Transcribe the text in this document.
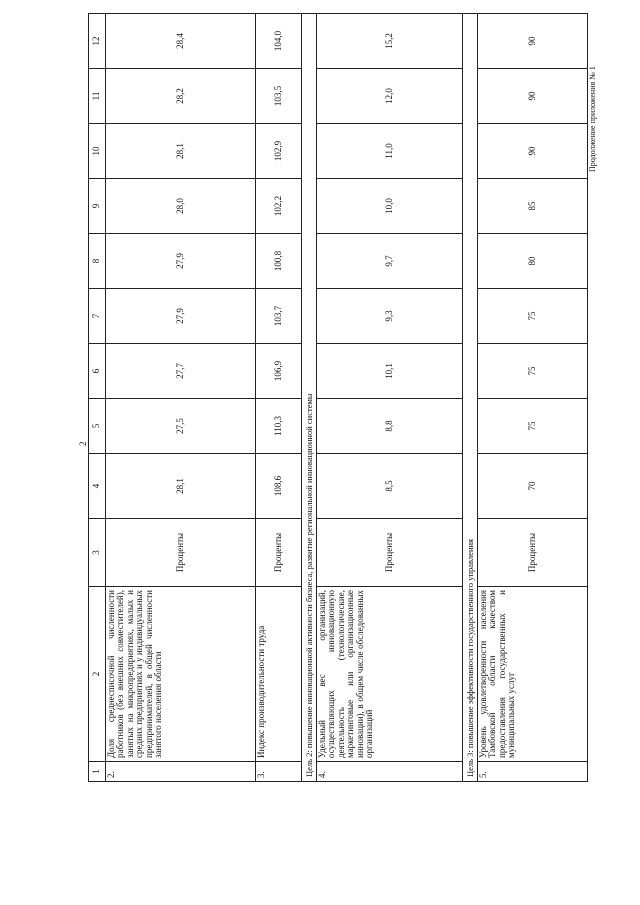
2
Продолжение приложения № 1
1	2	3	4	5	6	7	8	9	10	11	12
2.	Доля среднесписочной численности работников (без внешних совместителей), занятых на микропредприятиях, малых и средних предприятиях и у индивидуальных предпринимателей, в общей численности занятого населения области	Проценты	28,1	27,5	27,7	27,9	27,9	28,0	28,1	28,2	28,4
3.	Индекс производительности труда	Проценты	108,6	110,3	106,9	103,7	100,8	102,2	102,9	103,5	104,0
Цель 2: повышение инновационной активности бизнеса, развитие региональной инновационной системы											
4.	Удельный вес организаций, осуществляющих инновационную деятельность (технологические, маркетинговые или организационные инновации), в общем числе обследованных организаций	Проценты	8,5	8,8	10,1	9,3	9,7	10,0	11,0	12,0	15,2
Цель 3: повышение эффективности государственного управления											
5.	Уровень удовлетворенности населения Тамбовской области качеством предоставления государственных и муниципальных услуг	Проценты	70	75	75	75	80	85	90	90	90
